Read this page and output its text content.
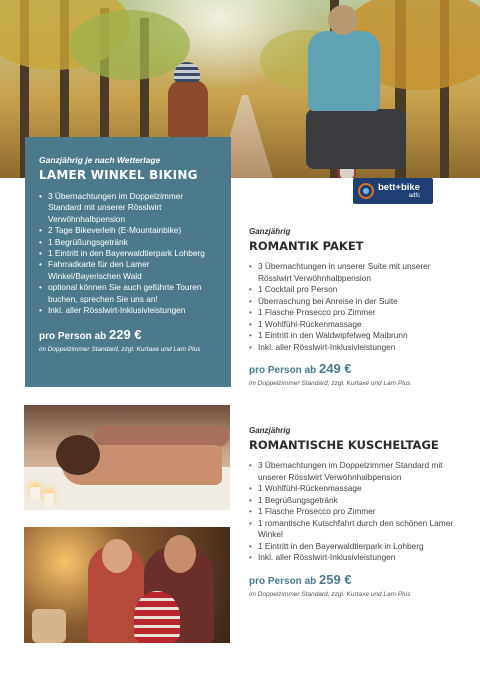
Ganzjährig je nach Wetterlage

LAMER WINKEL BIKING

• 3 Übernachtungen im Doppelzimmer Standard mit unserer Rösslwirt Verwöhnhalbpension
• 2 Tage Bikeverleih (E-Mountainbike)
• 1 Begrüßungsgetränk
• 1 Eintritt in den Bayerwaldtierpark Lohberg
• Fahrradkarte für den Lamer Winkel/Bayerischen Wald
• optional können Sie auch geführte Touren buchen, sprechen Sie uns an!
• Inkl. aller Rösslwirt-Inklusivleistungen

pro Person ab 229 €

im Doppelzimmer Standard, zzgl. Kurtaxe und Lam Plus
bett+bike
adfc

Ganzjährig

ROMANTIK PAKET

• 3 Übernachtungen in unserer Suite mit unserer Rösslwirt Verwöhnhalbpension
• 1 Cocktail pro Person
• Überraschung bei Anreise in der Suite
• 1 Flasche Prosecco pro Zimmer
• 1 Wohlfühl-Rückenmassage
• 1 Eintritt in den Waldwipfelweg Maibrunn
• Inkl. aller Rösslwirt-Inklusivleistungen

pro Person ab 249 €

im Doppelzimmer Standard, zzgl. Kurtaxe und Lam Plus

Ganzjährig

ROMANTISCHE KUSCHELTAGE

• 3 Übernachtungen im Doppelzimmer Standard mit unserer Rösslwirt Verwöhnhalbpension
• 1 Wohlfühl-Rückenmassage
• 1 Begrüßungsgetränk
• 1 Flasche Prosecco pro Zimmer
• 1 romantische Kutschfahrt durch den schönen Lamer Winkel
• 1 Eintritt in den Bayerwaldtierpark in Lohberg
• Inkl. aller Rösslwirt-Inklusivleistungen

pro Person ab 259 €

im Doppelzimmer Standard, zzgl. Kurtaxe und Lam Plus
